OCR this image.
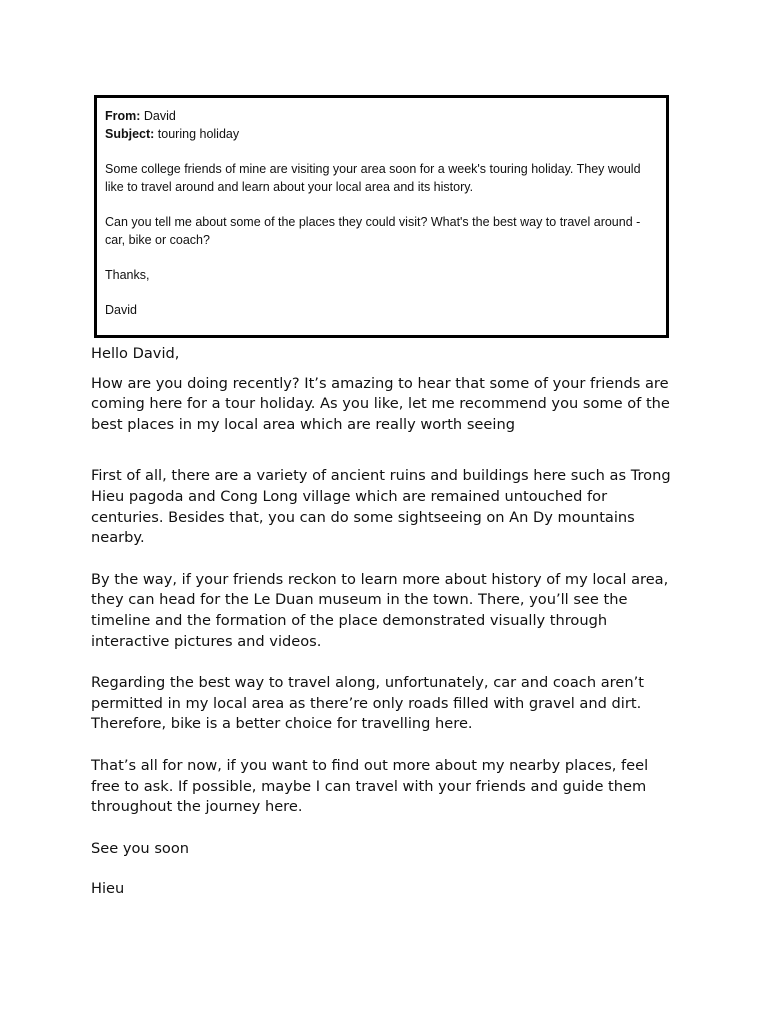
From: David

Subject: touring holiday

Some college friends of mine are visiting your area soon for a week's touring holiday. They would like to travel around and learn about your local area and its history.

Can you tell me about some of the places they could visit? What's the best way to travel around - car, bike or coach?

Thanks,

David

Hello David,

How are you doing recently? It’s amazing to hear that some of your friends are coming here for a tour holiday. As you like, let me recommend you some of the best places in my local area which are really worth seeing

First of all, there are a variety of ancient ruins and buildings here such as Trong Hieu pagoda and Cong Long village which are remained untouched for centuries. Besides that, you can do some sightseeing on An Dy mountains nearby.

By the way, if your friends reckon to learn more about history of my local area, they can head for the Le Duan museum in the town. There, you’ll see the timeline and the formation of the place demonstrated visually through interactive pictures and videos.

Regarding the best way to travel along, unfortunately, car and coach aren’t permitted in my local area as there’re only roads filled with gravel and dirt. Therefore, bike is a better choice for travelling here.

That’s all for now, if you want to find out more about my nearby places, feel free to ask. If possible, maybe I can travel with your friends and guide them throughout the journey here.

See you soon

Hieu
